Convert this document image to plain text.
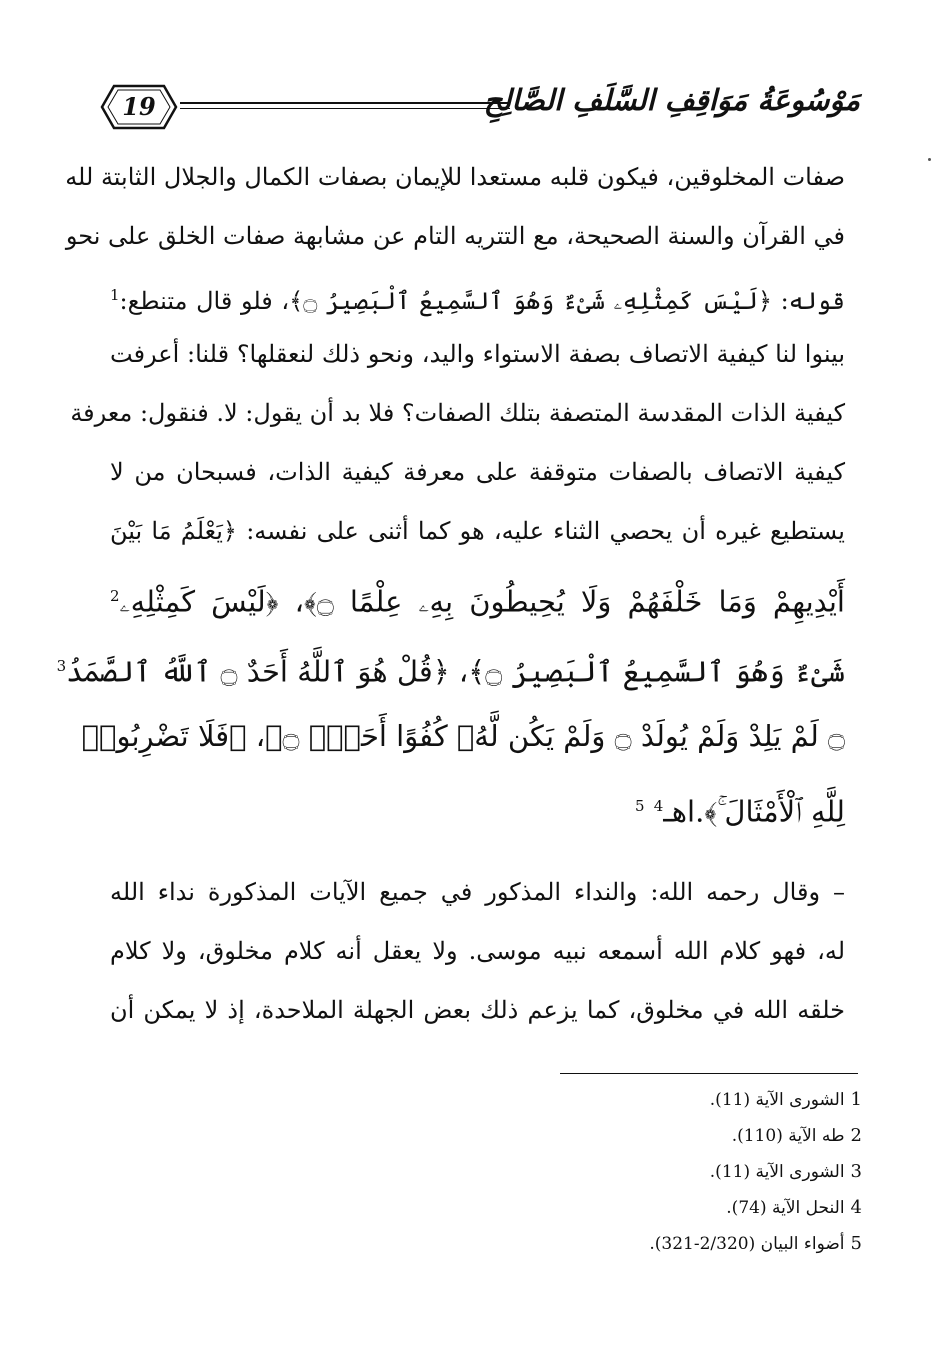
19	مَوْسُوعَةُ مَوَاقِفِ السَّلَفِ الصَّالِحِ
صفات المخلوقين، فيكون قلبه مستعدا للإيمان بصفات الكمال والجلال الثابتة لله
في القرآن والسنة الصحيحة، مع التتريه التام عن مشابهة صفات الخلق على نحو
قوله: ﴿لَيْسَ كَمِثْلِهِۦ شَىْءٌ وَهُوَ ٱلسَّمِيعُ ٱلْبَصِيرُ ۝﴾، فلو قال متنطع:$^1$
بينوا لنا كيفية الاتصاف بصفة الاستواء واليد، ونحو ذلك لنعقلها؟ قلنا: أعرفت
كيفية الذات المقدسة المتصفة بتلك الصفات؟ فلا بد أن يقول: لا. فنقول: معرفة
كيفية الاتصاف بالصفات متوقفة على معرفة كيفية الذات، فسبحان من لا
يستطيع غيره أن يحصي الثناء عليه، هو كما أثنى على نفسه: ﴿يَعْلَمُ مَا بَيْنَ
أَيْدِيهِمْ وَمَا خَلْفَهُمْ وَلَا يُحِيطُونَ بِهِۦ عِلْمًا ۝﴾، ﴿لَيْسَ كَمِثْلِهِۦ$^2$
شَىْءٌ وَهُوَ ٱلسَّمِيعُ ٱلْبَصِيرُ ۝﴾، ﴿قُلْ هُوَ ٱللَّهُ أَحَدٌ ۝ ٱللَّهُ ٱلصَّمَدُ$^3$
۝ لَمْ يَلِدْ وَلَمْ يُولَدْ ۝ وَلَمْ يَكُن لَّهُۥ كُفُوًا أَحَدٌۢ ۝﴾، ﴿فَلَا تَضْرِبُوا۟
لِلَّهِ ٱلْأَمْثَالَ ۚ﴾.اهـ$^4$ $^5$
– وقال رحمه الله: والنداء المذكور في جميع الآيات المذكورة نداء الله
له، فهو كلام الله أسمعه نبيه موسى. ولا يعقل أنه كلام مخلوق، ولا كلام
خلقه الله في مخلوق، كما يزعم ذلك بعض الجهلة الملاحدة، إذ لا يمكن أن
1الشورى الآية (11).
2طه الآية (110).
3الشورى الآية (11).
4النحل الآية (74).
5أضواء البيان (2/320-321).
